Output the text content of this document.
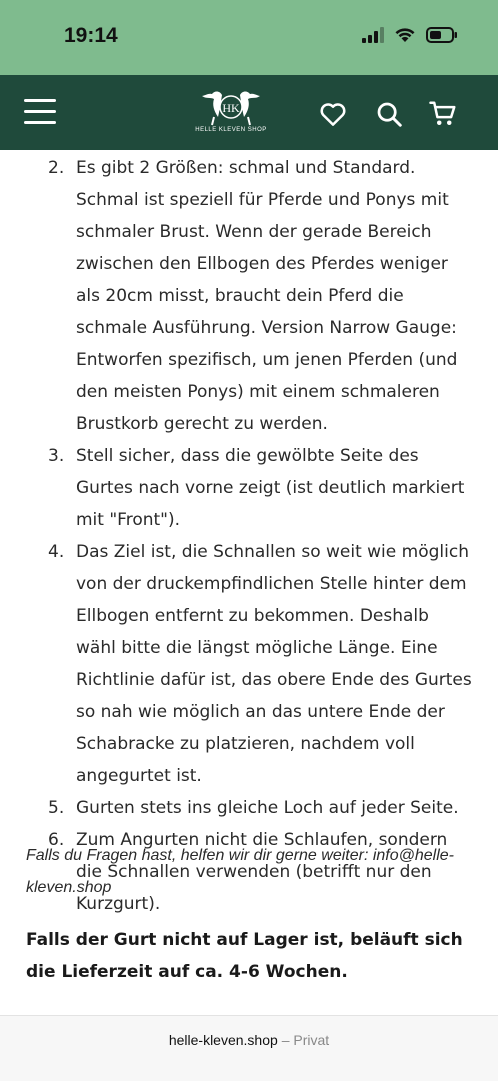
19:14
HK
HELLE KLEVEN SHOP
2. Es gibt 2 Größen: schmal und Standard. Schmal ist speziell für Pferde und Ponys mit schmaler Brust. Wenn der gerade Bereich zwischen den Ellbogen des Pferdes weniger als 20cm misst, braucht dein Pferd die schmale Ausführung. Version Narrow Gauge: Entworfen spezifisch, um jenen Pferden (und den meisten Ponys) mit einem schmaleren Brustkorb gerecht zu werden.
3. Stell sicher, dass die gewölbte Seite des Gurtes nach vorne zeigt (ist deutlich markiert mit "Front").
4. Das Ziel ist, die Schnallen so weit wie möglich von der druckempfindlichen Stelle hinter dem Ellbogen entfernt zu bekommen. Deshalb wähl bitte die längst mögliche Länge. Eine Richtlinie dafür ist, das obere Ende des Gurtes so nah wie möglich an das untere Ende der Schabracke zu platzieren, nachdem voll angegurtet ist.
5. Gurten stets ins gleiche Loch auf jeder Seite.
6. Zum Angurten nicht die Schlaufen, sondern die Schnallen verwenden (betrifft nur den Kurzgurt).
Falls du Fragen hast, helfen wir dir gerne weiter: info@helle-kleven.shop
Falls der Gurt nicht auf Lager ist, beläuft sich die Lieferzeit auf ca. 4-6 Wochen.
helle-kleven.shop – Privat
